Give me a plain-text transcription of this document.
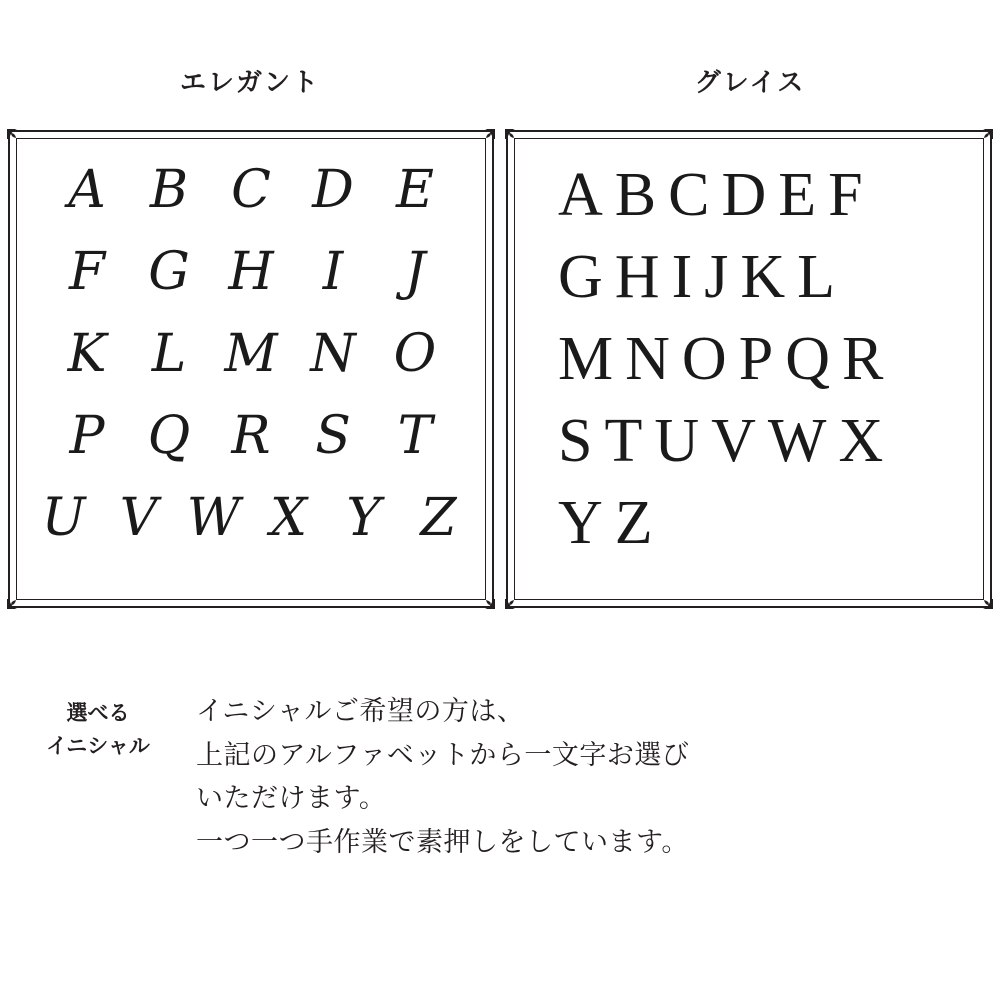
エレガント	グレイス
A B C D E
F G H I	J
K L M N O
P Q R S T
U V W X Y Z
A B C D E F
G H I J K L
M N O P Q R
S T U V W X
Y Z
選べる
イニシャル
イニシャルご希望の方は、
上記のアルファベットから一文字お選び
いただけます。
一つ一つ手作業で素押しをしています。
